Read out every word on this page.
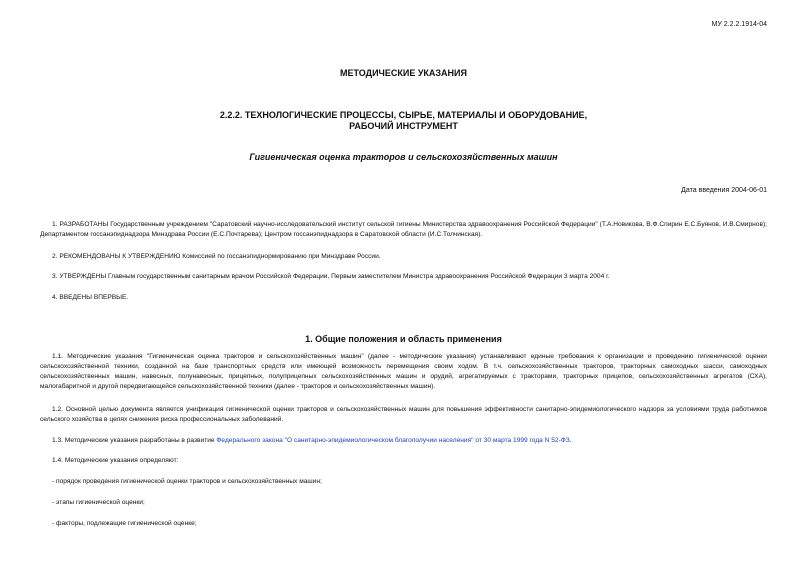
МУ 2.2.2.1914-04
МЕТОДИЧЕСКИЕ УКАЗАНИЯ
2.2.2. ТЕХНОЛОГИЧЕСКИЕ ПРОЦЕССЫ, СЫРЬЕ, МАТЕРИАЛЫ И ОБОРУДОВАНИЕ,
РАБОЧИЙ ИНСТРУМЕНТ
Гигиеническая оценка тракторов и сельскохозяйственных машин
Дата введения 2004-06-01
1. РАЗРАБОТАНЫ Государственным учреждением "Саратовский научно-исследовательский институт сельской гигиены Министерства здравоохранения Российской Федерации" (Т.А.Новикова, В.Ф.Спирин Е.С.Буянов, И.В.Смирнов); Департаментом госсанэпиднадзора Минздрава России (Е.С.Почтарева); Центром госсанэпиднадзора в Саратовской области (И.С.Толчинская).
2. РЕКОМЕНДОВАНЫ К УТВЕРЖДЕНИЮ Комиссией по госсанэпиднормированию при Минздраве России.
3. УТВЕРЖДЕНЫ Главным государственным санитарным врачом Российской Федерации, Первым заместителем Министра здравоохранения Российской Федерации 3 марта 2004 г.
4. ВВЕДЕНЫ ВПЕРВЫЕ.
1. Общие положения и область применения
1.1. Методические указания "Гигиеническая оценка тракторов и сельскохозяйственных машин" (далее - методические указания) устанавливают единые требования к организации и проведению гигиенической оценки сельскохозяйственной техники, созданной на базе транспортных средств или имеющей возможность перемещения своим ходом. В т.ч. сельскохозяйственных тракторов, тракторных самоходных шасси, самоходных сельскохозяйственных машин, навесных, полунавесных, прицепных, полуприцепных сельскохозяйственных машин и орудий, агрегатируемых с тракторами, тракторных прицепов, сельскохозяйственных агрегатов (СХА), малогабаритной и другой передвигающейся сельскохозяйственной техники (далее - тракторов и сельскохозяйственных машин).
1.2. Основной целью документа является унификация гигиенической оценки тракторов и сельскохозяйственных машин для повышения эффективности санитарно-эпидемиологического надзора за условиями труда работников сельского хозяйства в целях снижения риска профессиональных заболеваний.
1.3. Методические указания разработаны в развитие Федерального закона "О санитарно-эпидемиологическом благополучии населения" от 30 марта 1999 года N 52-ФЗ.
1.4. Методические указания определяют:
- порядок проведения гигиенической оценки тракторов и сельскохозяйственных машин;
- этапы гигиенической оценки;
- факторы, подлежащие гигиенической оценке;
